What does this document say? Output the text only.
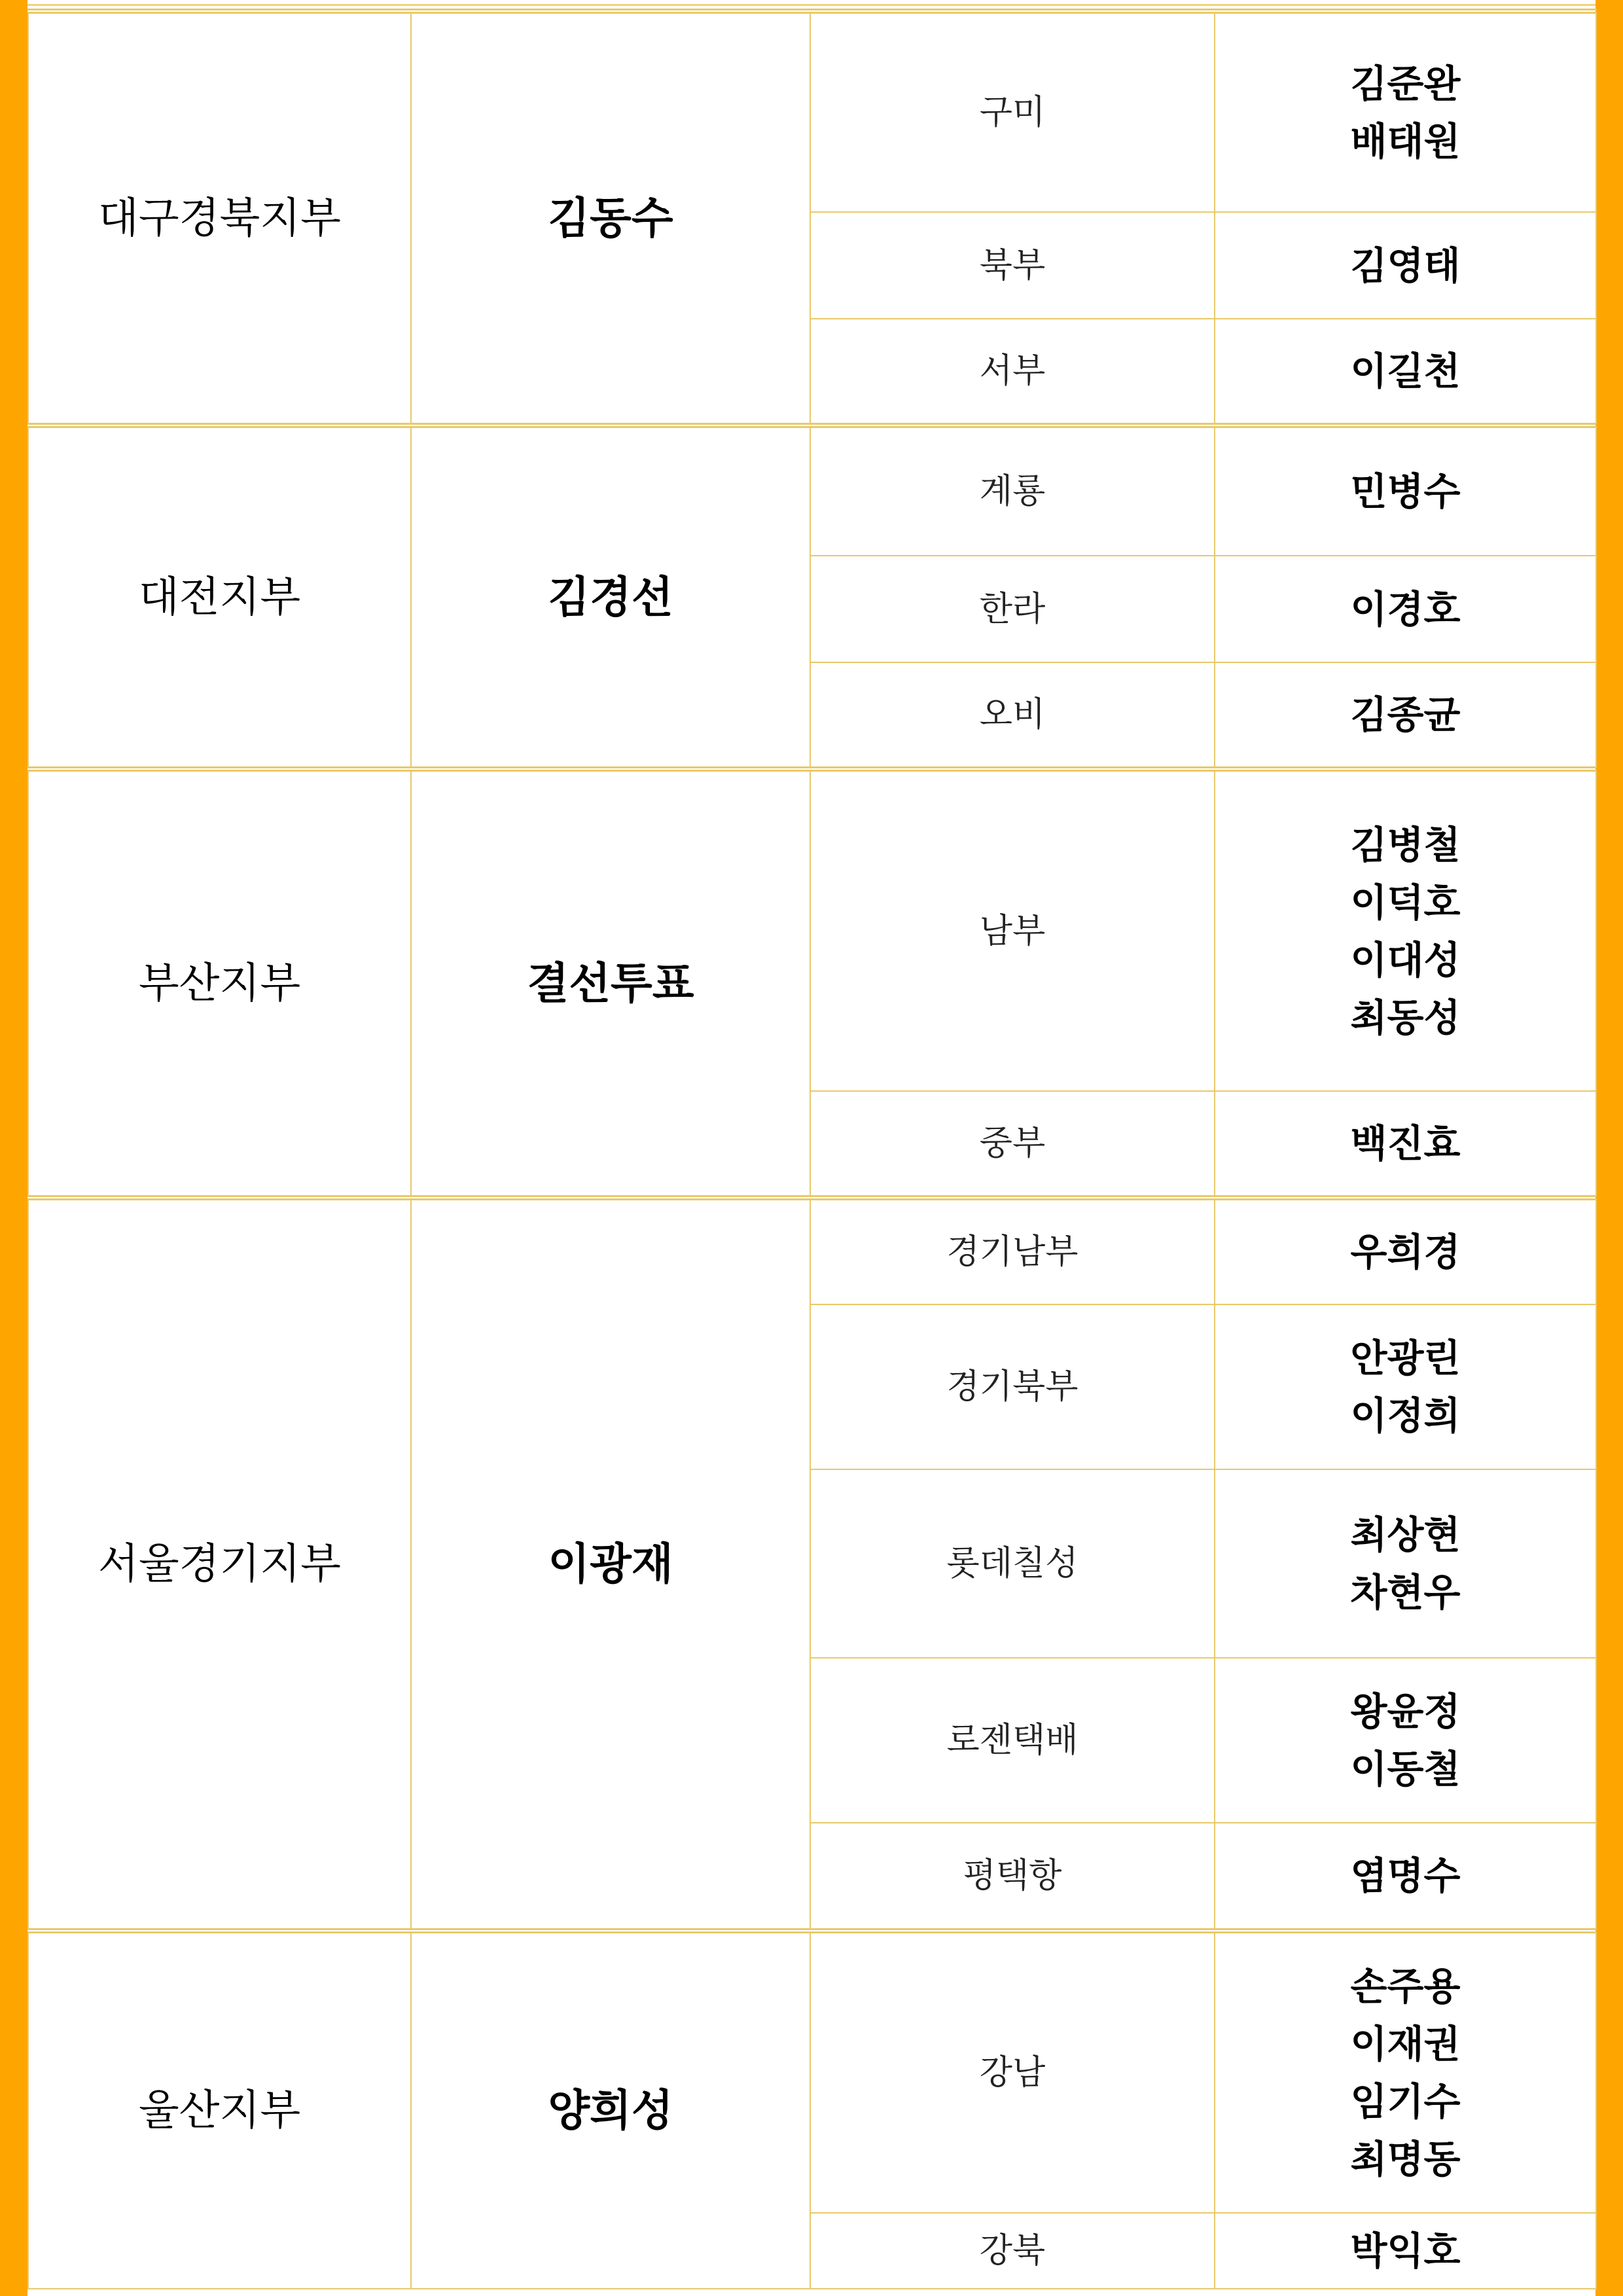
대구경북지부	김동수	구미	김준완
배태원

		북부	김영태

		서부	이길천

대전지부	김경선	계룡	민병수

		한라	이경호

		오비	김종균

부산지부	결선투표	남부	김병철
이덕호
이대성
최동성

		중부	백진효

서울경기지부	이광재	경기남부	우희경

		경기북부	안광린
이정희

		롯데칠성	최상현
차현우

		로젠택배	왕윤정
이동철

		평택항	염명수

울산지부	양희성	강남	손주용
이재권
임기수
최명동

		강북	박익호
